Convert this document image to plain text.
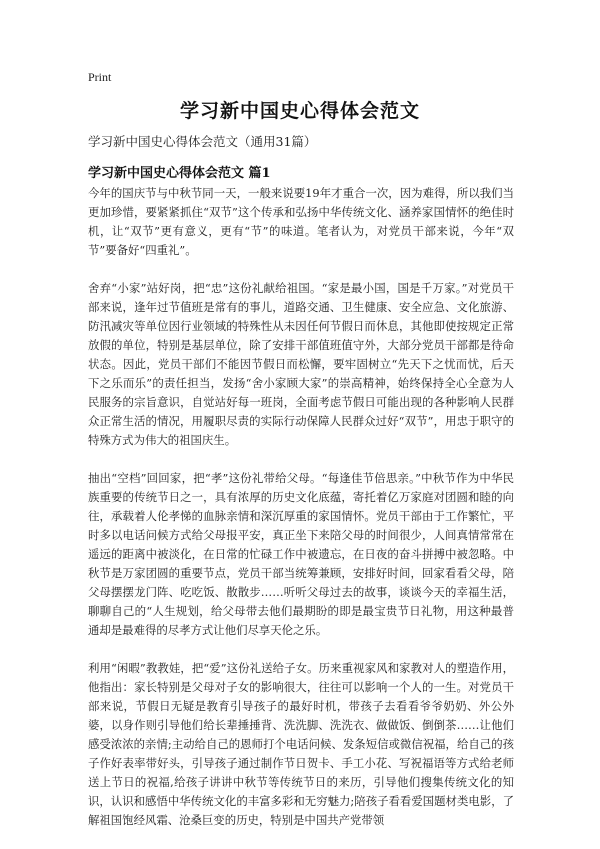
Print
学习新中国史心得体会范文
学习新中国史心得体会范文（通用31篇）
学习新中国史心得体会范文 篇1

今年的国庆节与中秋节同一天，一般来说要19年才重合一次，因为难得，所以我们当更加珍惜，要紧紧抓住“双节”这个传承和弘扬中华传统文化、涵养家国情怀的绝佳时机，让“双节”更有意义，更有“节”的味道。笔者认为，对党员干部来说，今年“双节”要备好“四重礼”。

舍弃“小家”站好岗，把“忠”这份礼献给祖国。“家是最小国，国是千万家。”对党员干部来说，逢年过节值班是常有的事儿，道路交通、卫生健康、安全应急、文化旅游、防汛减灾等单位因行业领域的特殊性从未因任何节假日而休息，其他即使按规定正常放假的单位，特别是基层单位，除了安排干部值班值守外，大部分党员干部都是待命状态。因此，党员干部们不能因节假日而松懈，要牢固树立“先天下之忧而忧，后天下之乐而乐”的责任担当，发扬“舍小家顾大家”的崇高精神，始终保持全心全意为人民服务的宗旨意识，自觉站好每一班岗，全面考虑节假日可能出现的各种影响人民群众正常生活的情况，用履职尽责的实际行动保障人民群众过好“双节”，用忠于职守的特殊方式为伟大的祖国庆生。

抽出“空档”回回家，把“孝”这份礼带给父母。“每逢佳节倍思亲。”中秋节作为中华民族重要的传统节日之一，具有浓厚的历史文化底蕴，寄托着亿万家庭对团圆和睦的向往，承载着人伦孝悌的血脉亲情和深沉厚重的家国情怀。党员干部由于工作繁忙，平时多以电话问候方式给父母报平安，真正坐下来陪父母的时间很少，人间真情常常在遥远的距离中被淡化，在日常的忙碌工作中被遗忘，在日夜的奋斗拼搏中被忽略。中秋节是万家团圆的重要节点，党员干部当统筹兼顾，安排好时间，回家看看父母，陪父母摆摆龙门阵、吃吃饭、散散步……听听父母过去的故事，谈谈今天的幸福生活，聊聊自己的“人生规划，给父母带去他们最期盼的即是最宝贵节日礼物，用这种最普通却是最难得的尽孝方式让他们尽享天伦之乐。

利用“闲暇”教教娃，把“爱”这份礼送给子女。历来重视家风和家教对人的塑造作用，他指出：家长特别是父母对子女的影响很大，往往可以影响一个人的一生。对党员干部来说，节假日无疑是教育引导孩子的最好时机，带孩子去看看爷爷奶奶、外公外婆，以身作则引导他们给长辈捶捶背、洗洗脚、洗洗衣、做做饭、倒倒茶……让他们感受浓浓的亲情;主动给自己的恩师打个电话问候、发条短信或微信祝福，给自己的孩子作好表率带好头，引导孩子通过制作节日贺卡、手工小花、写祝福语等方式给老师送上节日的祝福,给孩子讲讲中秋节等传统节日的来历，引导他们搜集传统文化的知识，认识和感悟中华传统文化的丰富多彩和无穷魅力;陪孩子看看爱国题材类电影，了解祖国饱经风霜、沧桑巨变的历史，特别是中国共产党带领
